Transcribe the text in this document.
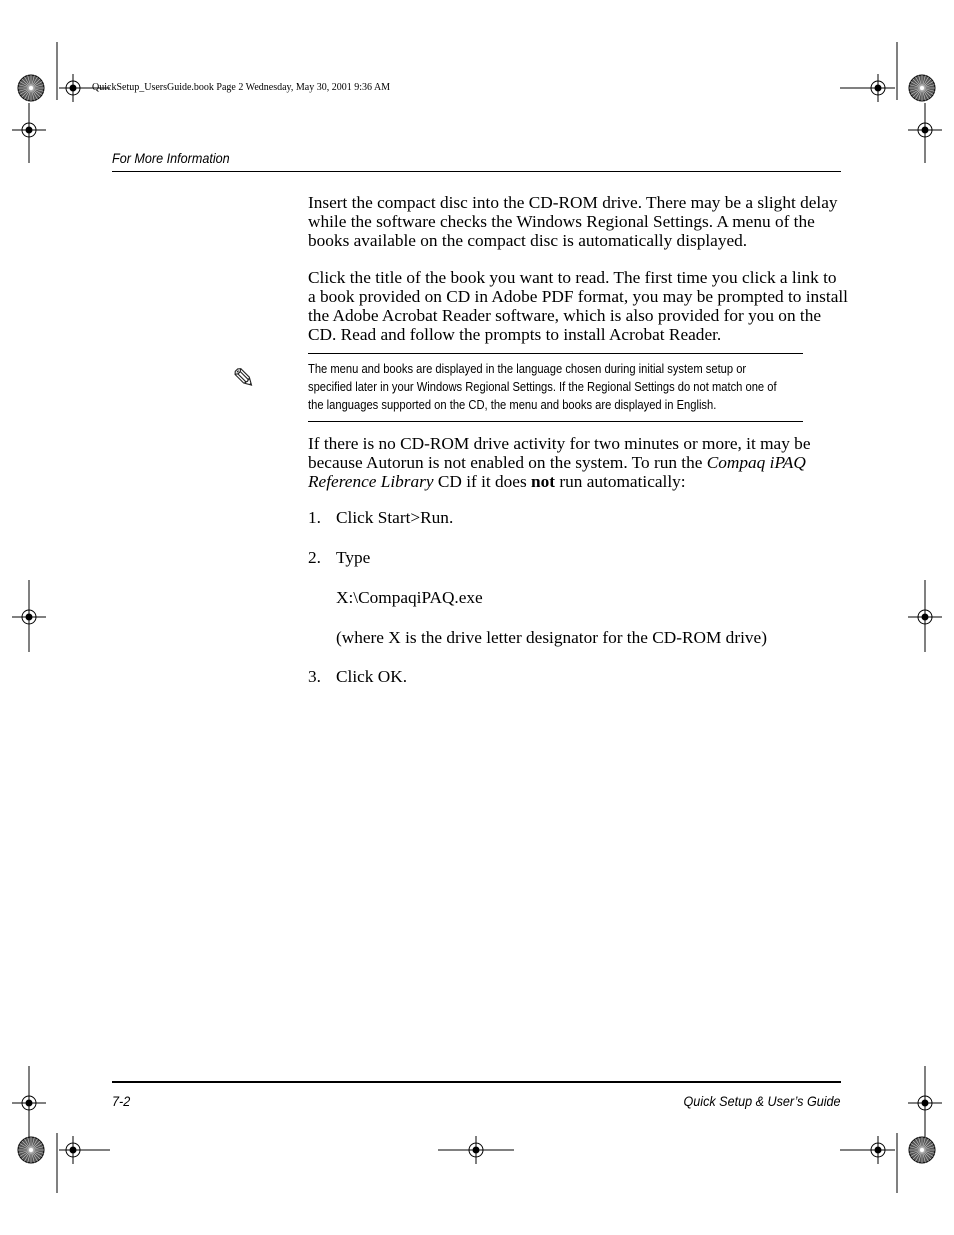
QuickSetup_UsersGuide.book Page 2 Wednesday, May 30, 2001 9:36 AM
For More Information
Insert the compact disc into the CD-ROM drive. There may be a slight delay while the software checks the Windows Regional Settings. A menu of the books available on the compact disc is automatically displayed.
Click the title of the book you want to read. The first time you click a link to a book provided on CD in Adobe PDF format, you may be prompted to install the Adobe Acrobat Reader software, which is also provided for you on the CD. Read and follow the prompts to install Acrobat Reader.
✎	The menu and books are displayed in the language chosen during initial system setup or specified later in your Windows Regional Settings. If the Regional Settings do not match one of the languages supported on the CD, the menu and books are displayed in English.
If there is no CD-ROM drive activity for two minutes or more, it may be because Autorun is not enabled on the system. To run the Compaq iPAQ Reference Library CD if it does not run automatically:
1. Click Start>Run.
2. Type
X:\CompaqiPAQ.exe
(where X is the drive letter designator for the CD-ROM drive)
3. Click OK.
7-2	Quick Setup & User’s Guide
